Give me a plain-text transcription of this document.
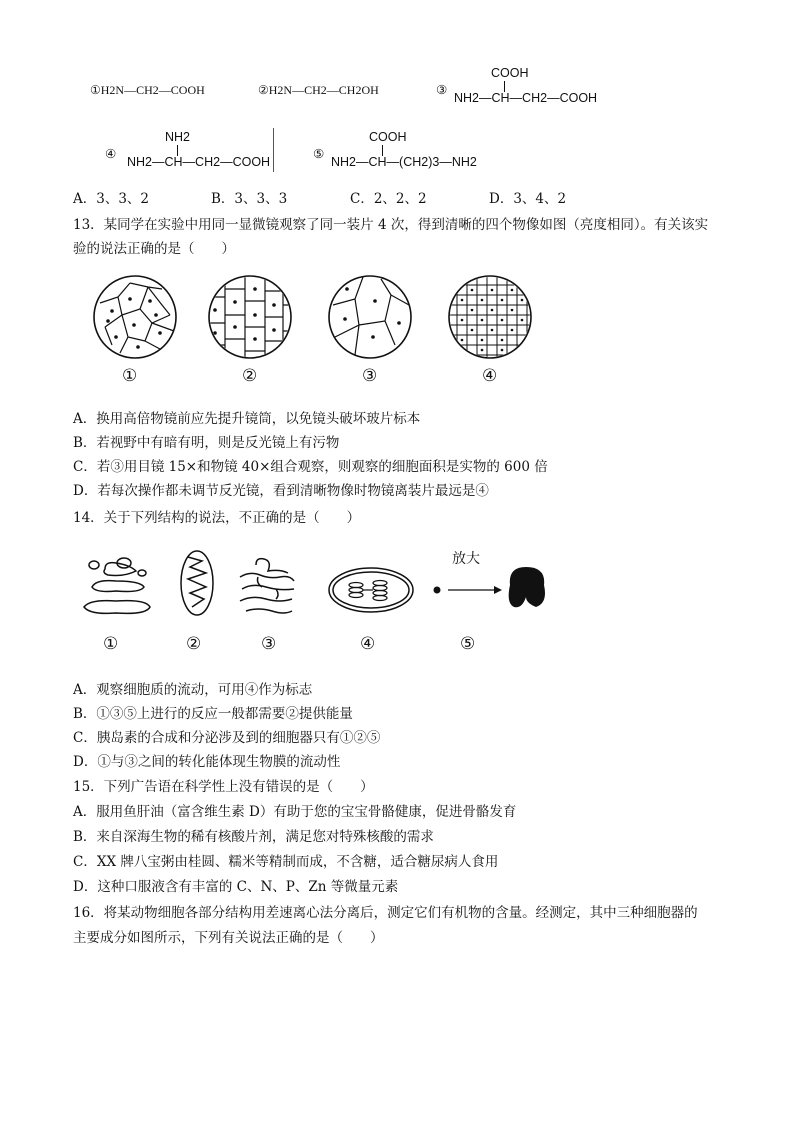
①H2N—CH2—COOH	②H2N—CH2—CH2OH	③
COOH
NH2—CH—CH2—COOH
④
NH2
NH2—CH—CH2—COOH
⑤
COOH
NH2—CH—(CH2)3—NH2
A．3、3、2	B．3、3、3	C．2、2、2	D．3、4、2
13．某同学在实验中用同一显微镜观察了同一装片 4 次，得到清晰的四个物像如图（亮度相同）。有关该实
验的说法正确的是（　　）
①	②	③	④
A．换用高倍物镜前应先提升镜筒，以免镜头破坏玻片标本
B．若视野中有暗有明，则是反光镜上有污物
C．若③用目镜 15×和物镜 40×组合观察，则观察的细胞面积是实物的 600 倍
D．若每次操作都未调节反光镜，看到清晰物像时物镜离装片最远是④
14．关于下列结构的说法，不正确的是（　　）
放大
①	②	③	④	⑤
A．观察细胞质的流动，可用④作为标志
B．①③⑤上进行的反应一般都需要②提供能量
C．胰岛素的合成和分泌涉及到的细胞器只有①②⑤
D．①与③之间的转化能体现生物膜的流动性
15．下列广告语在科学性上没有错误的是（　　）
A．服用鱼肝油（富含维生素 D）有助于您的宝宝骨骼健康，促进骨骼发育
B．来自深海生物的稀有核酸片剂，满足您对特殊核酸的需求
C．XX 牌八宝粥由桂圆、糯米等精制而成，不含糖，适合糖尿病人食用
D．这种口服液含有丰富的 C、N、P、Zn 等微量元素
16．将某动物细胞各部分结构用差速离心法分离后，测定它们有机物的含量。经测定，其中三种细胞器的
主要成分如图所示，下列有关说法正确的是（　　）
